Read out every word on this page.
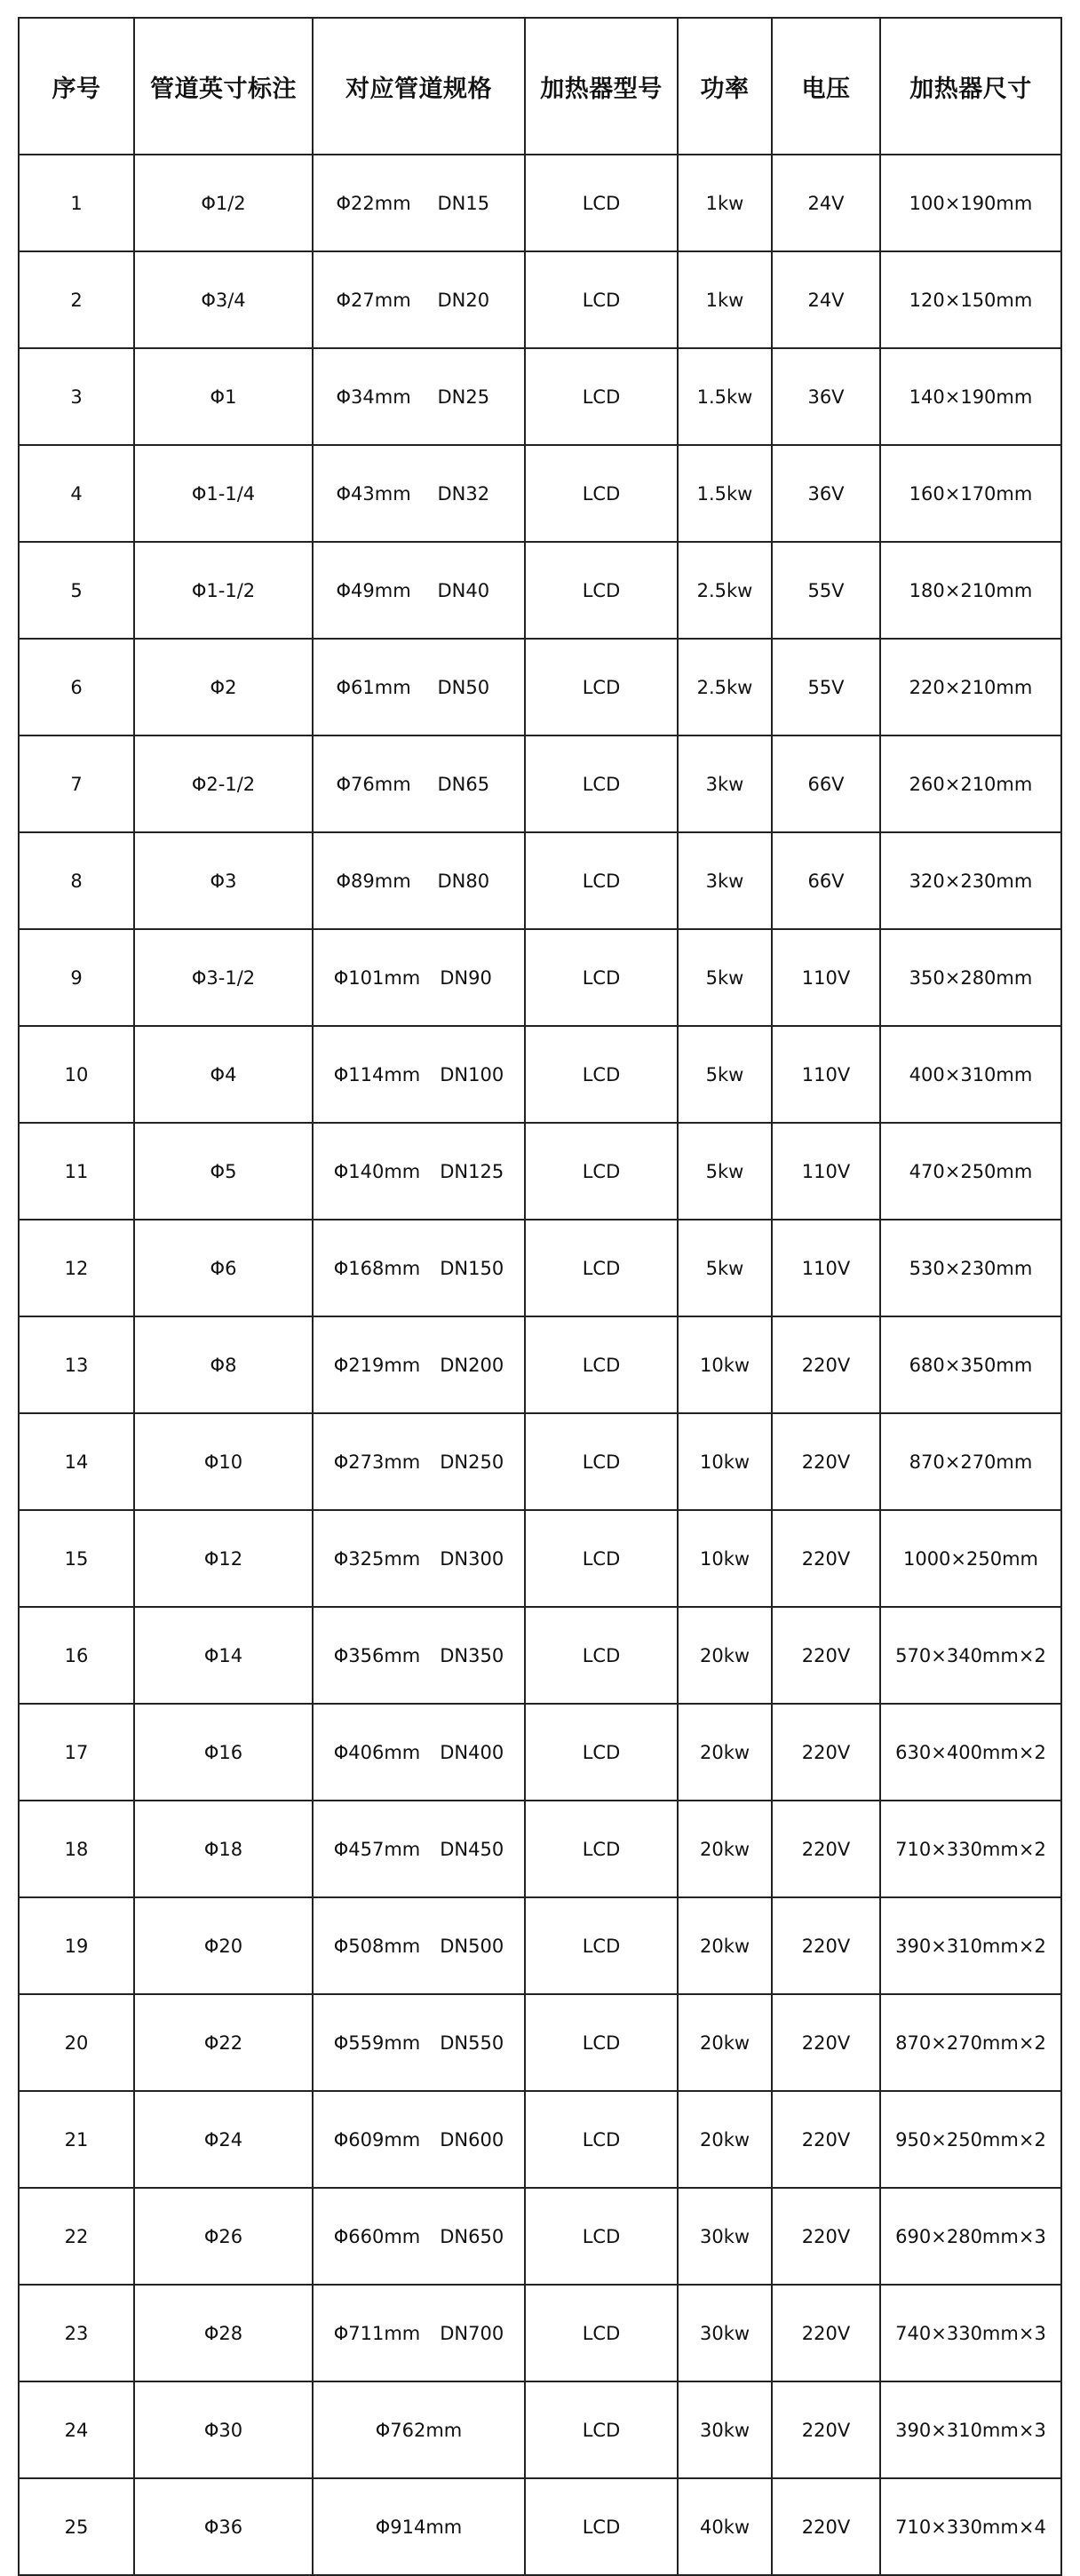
序号	管道英寸标注	对应管道规格	加热器型号	功率	电压	加热器尺寸
1	Φ1/2	Φ22mm DN15	LCD	1kw	24V	100×190mm
2	Φ3/4	Φ27mm DN20	LCD	1kw	24V	120×150mm
3	Φ1	Φ34mm DN25	LCD	1.5kw	36V	140×190mm
4	Φ1-1/4	Φ43mm DN32	LCD	1.5kw	36V	160×170mm
5	Φ1-1/2	Φ49mm DN40	LCD	2.5kw	55V	180×210mm
6	Φ2	Φ61mm DN50	LCD	2.5kw	55V	220×210mm
7	Φ2-1/2	Φ76mm DN65	LCD	3kw	66V	260×210mm
8	Φ3	Φ89mm DN80	LCD	3kw	66V	320×230mm
9	Φ3-1/2	Φ101mm DN90	LCD	5kw	110V	350×280mm
10	Φ4	Φ114mm DN100	LCD	5kw	110V	400×310mm
11	Φ5	Φ140mm DN125	LCD	5kw	110V	470×250mm
12	Φ6	Φ168mm DN150	LCD	5kw	110V	530×230mm
13	Φ8	Φ219mm DN200	LCD	10kw	220V	680×350mm
14	Φ10	Φ273mm DN250	LCD	10kw	220V	870×270mm
15	Φ12	Φ325mm DN300	LCD	10kw	220V	1000×250mm
16	Φ14	Φ356mm DN350	LCD	20kw	220V	570×340mm×2
17	Φ16	Φ406mm DN400	LCD	20kw	220V	630×400mm×2
18	Φ18	Φ457mm DN450	LCD	20kw	220V	710×330mm×2
19	Φ20	Φ508mm DN500	LCD	20kw	220V	390×310mm×2
20	Φ22	Φ559mm DN550	LCD	20kw	220V	870×270mm×2
21	Φ24	Φ609mm DN600	LCD	20kw	220V	950×250mm×2
22	Φ26	Φ660mm DN650	LCD	30kw	220V	690×280mm×3
23	Φ28	Φ711mm DN700	LCD	30kw	220V	740×330mm×3
24	Φ30	Φ762mm	LCD	30kw	220V	390×310mm×3
25	Φ36	Φ914mm	LCD	40kw	220V	710×330mm×4
